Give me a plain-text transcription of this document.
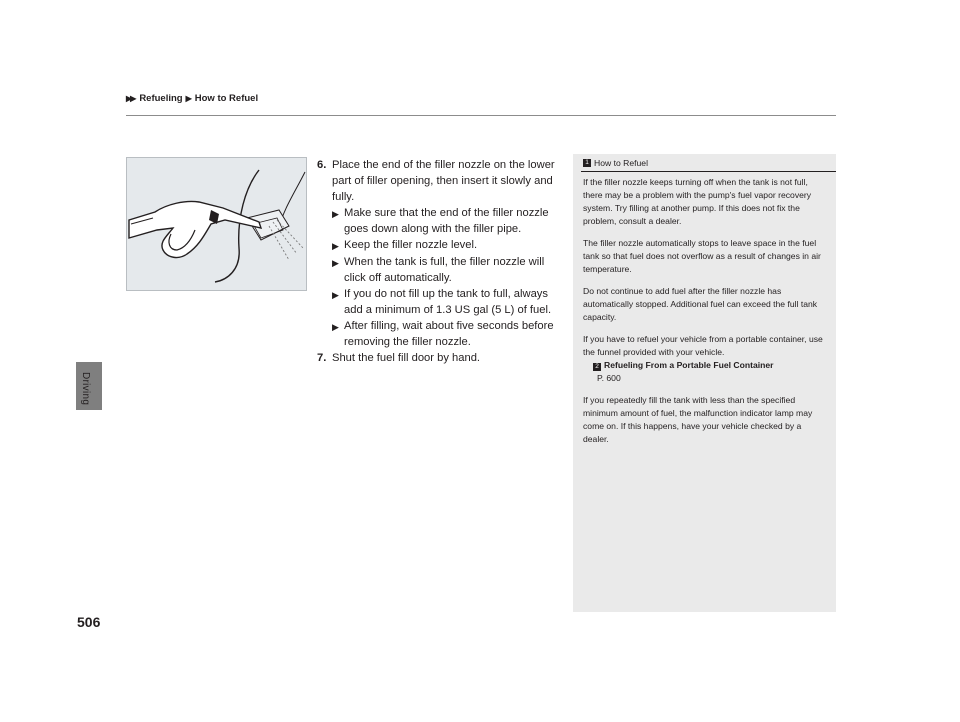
▶▶ Refueling ▶ How to Refuel
Driving
506
6. Place the end of the filler nozzle on the lower part of filler opening, then insert it slowly and fully.
▶ Make sure that the end of the filler nozzle goes down along with the filler pipe.
▶ Keep the filler nozzle level.
▶ When the tank is full, the filler nozzle will click off automatically.
▶ If you do not fill up the tank to full, always add a minimum of 1.3 US gal (5 L) of fuel.
▶ After filling, wait about five seconds before removing the filler nozzle.
7. Shut the fuel fill door by hand.
1 How to Refuel

If the filler nozzle keeps turning off when the tank is not full, there may be a problem with the pump's fuel vapor recovery system. Try filling at another pump. If this does not fix the problem, consult a dealer.

The filler nozzle automatically stops to leave space in the fuel tank so that fuel does not overflow as a result of changes in air temperature.

Do not continue to add fuel after the filler nozzle has automatically stopped. Additional fuel can exceed the full tank capacity.

If you have to refuel your vehicle from a portable container, use the funnel provided with your vehicle.

2 Refueling From a Portable Fuel Container
P. 600

If you repeatedly fill the tank with less than the specified minimum amount of fuel, the malfunction indicator lamp may come on. If this happens, have your vehicle checked by a dealer.
